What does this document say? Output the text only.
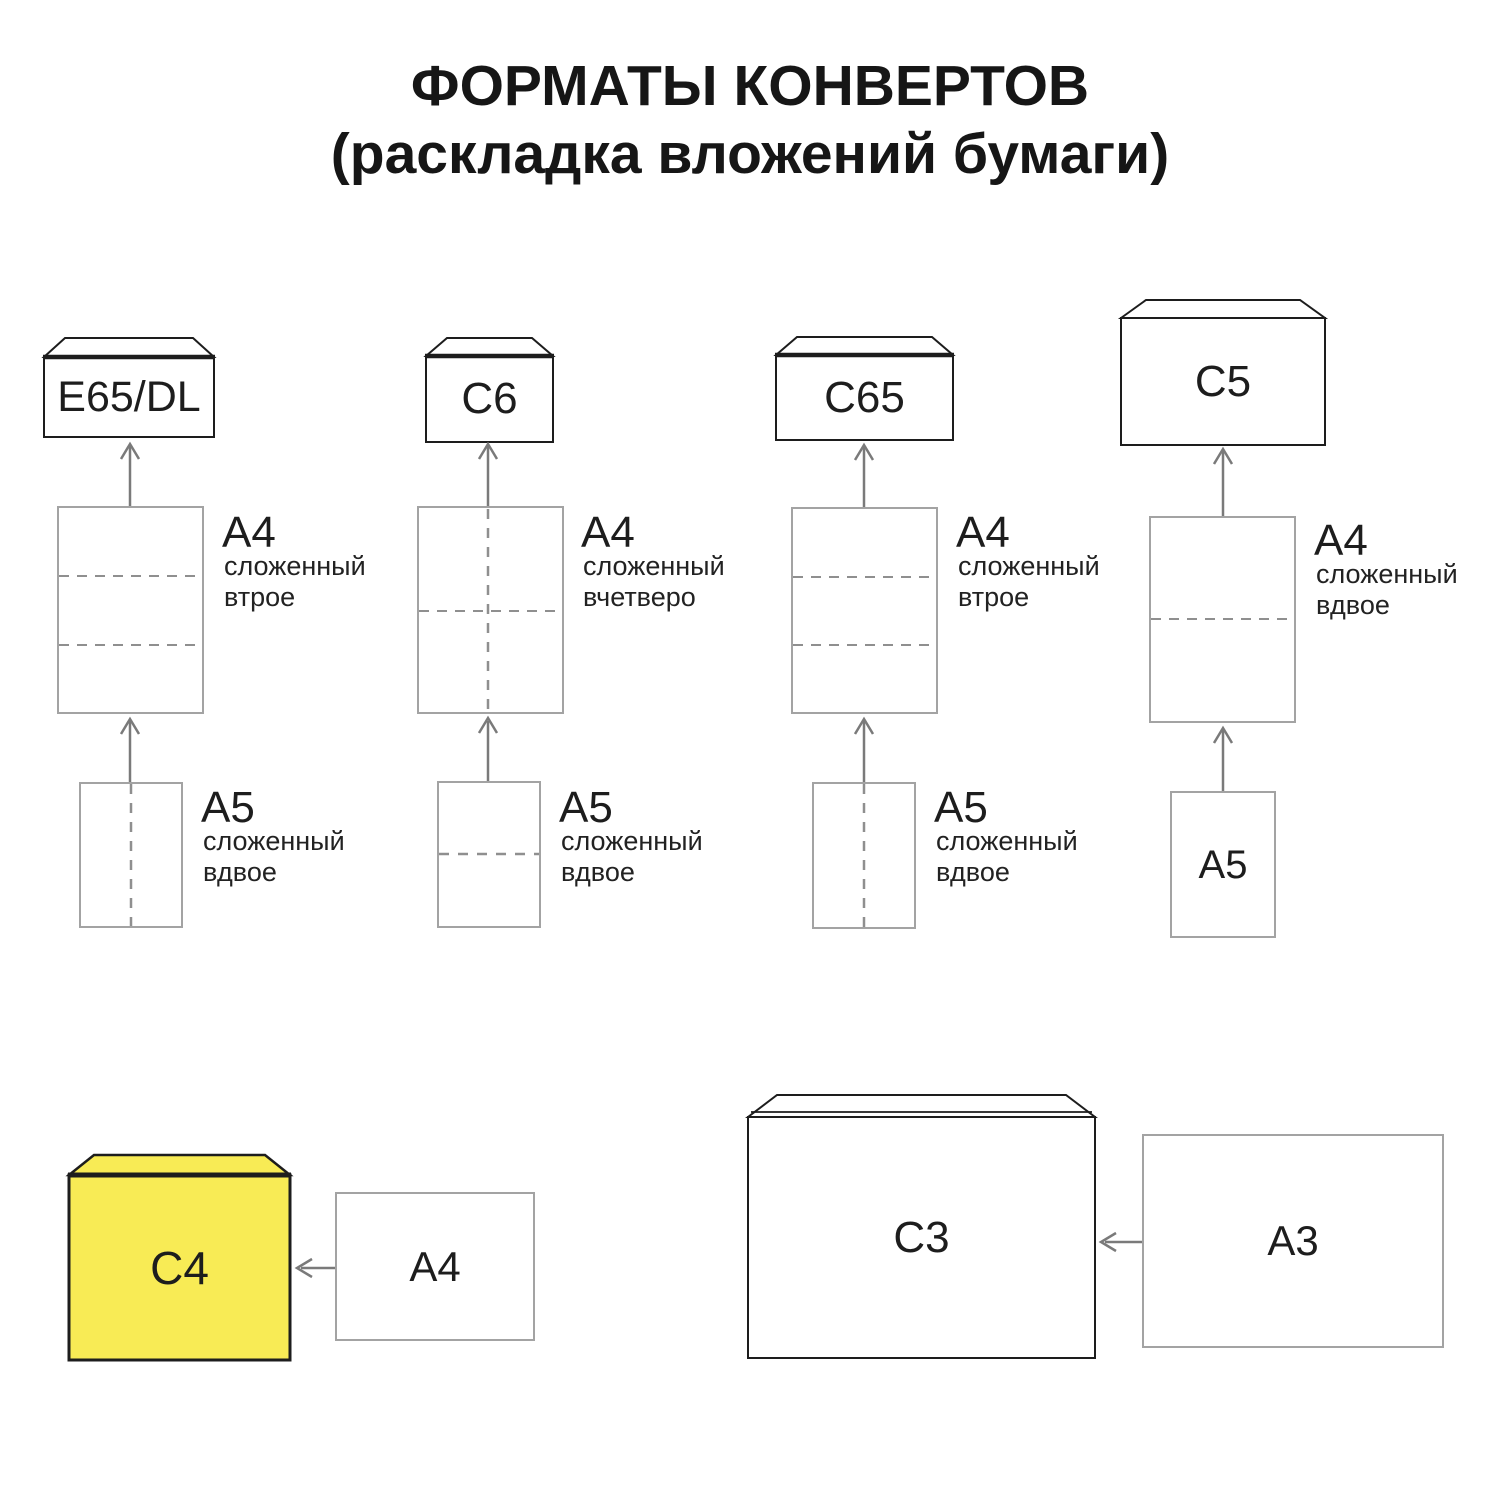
ФОРМАТЫ КОНВЕРТОВ
(раскладка вложений бумаги)
E65/DL
A4
сложенный втрое
A5
сложенный вдвое
C6
A4
сложенный вчетверо
A5
сложенный вдвое
C65
A4
сложенный втрое
A5
сложенный вдвое
C5
A4
сложенный вдвое
A5
C4	A4
C3	A3
